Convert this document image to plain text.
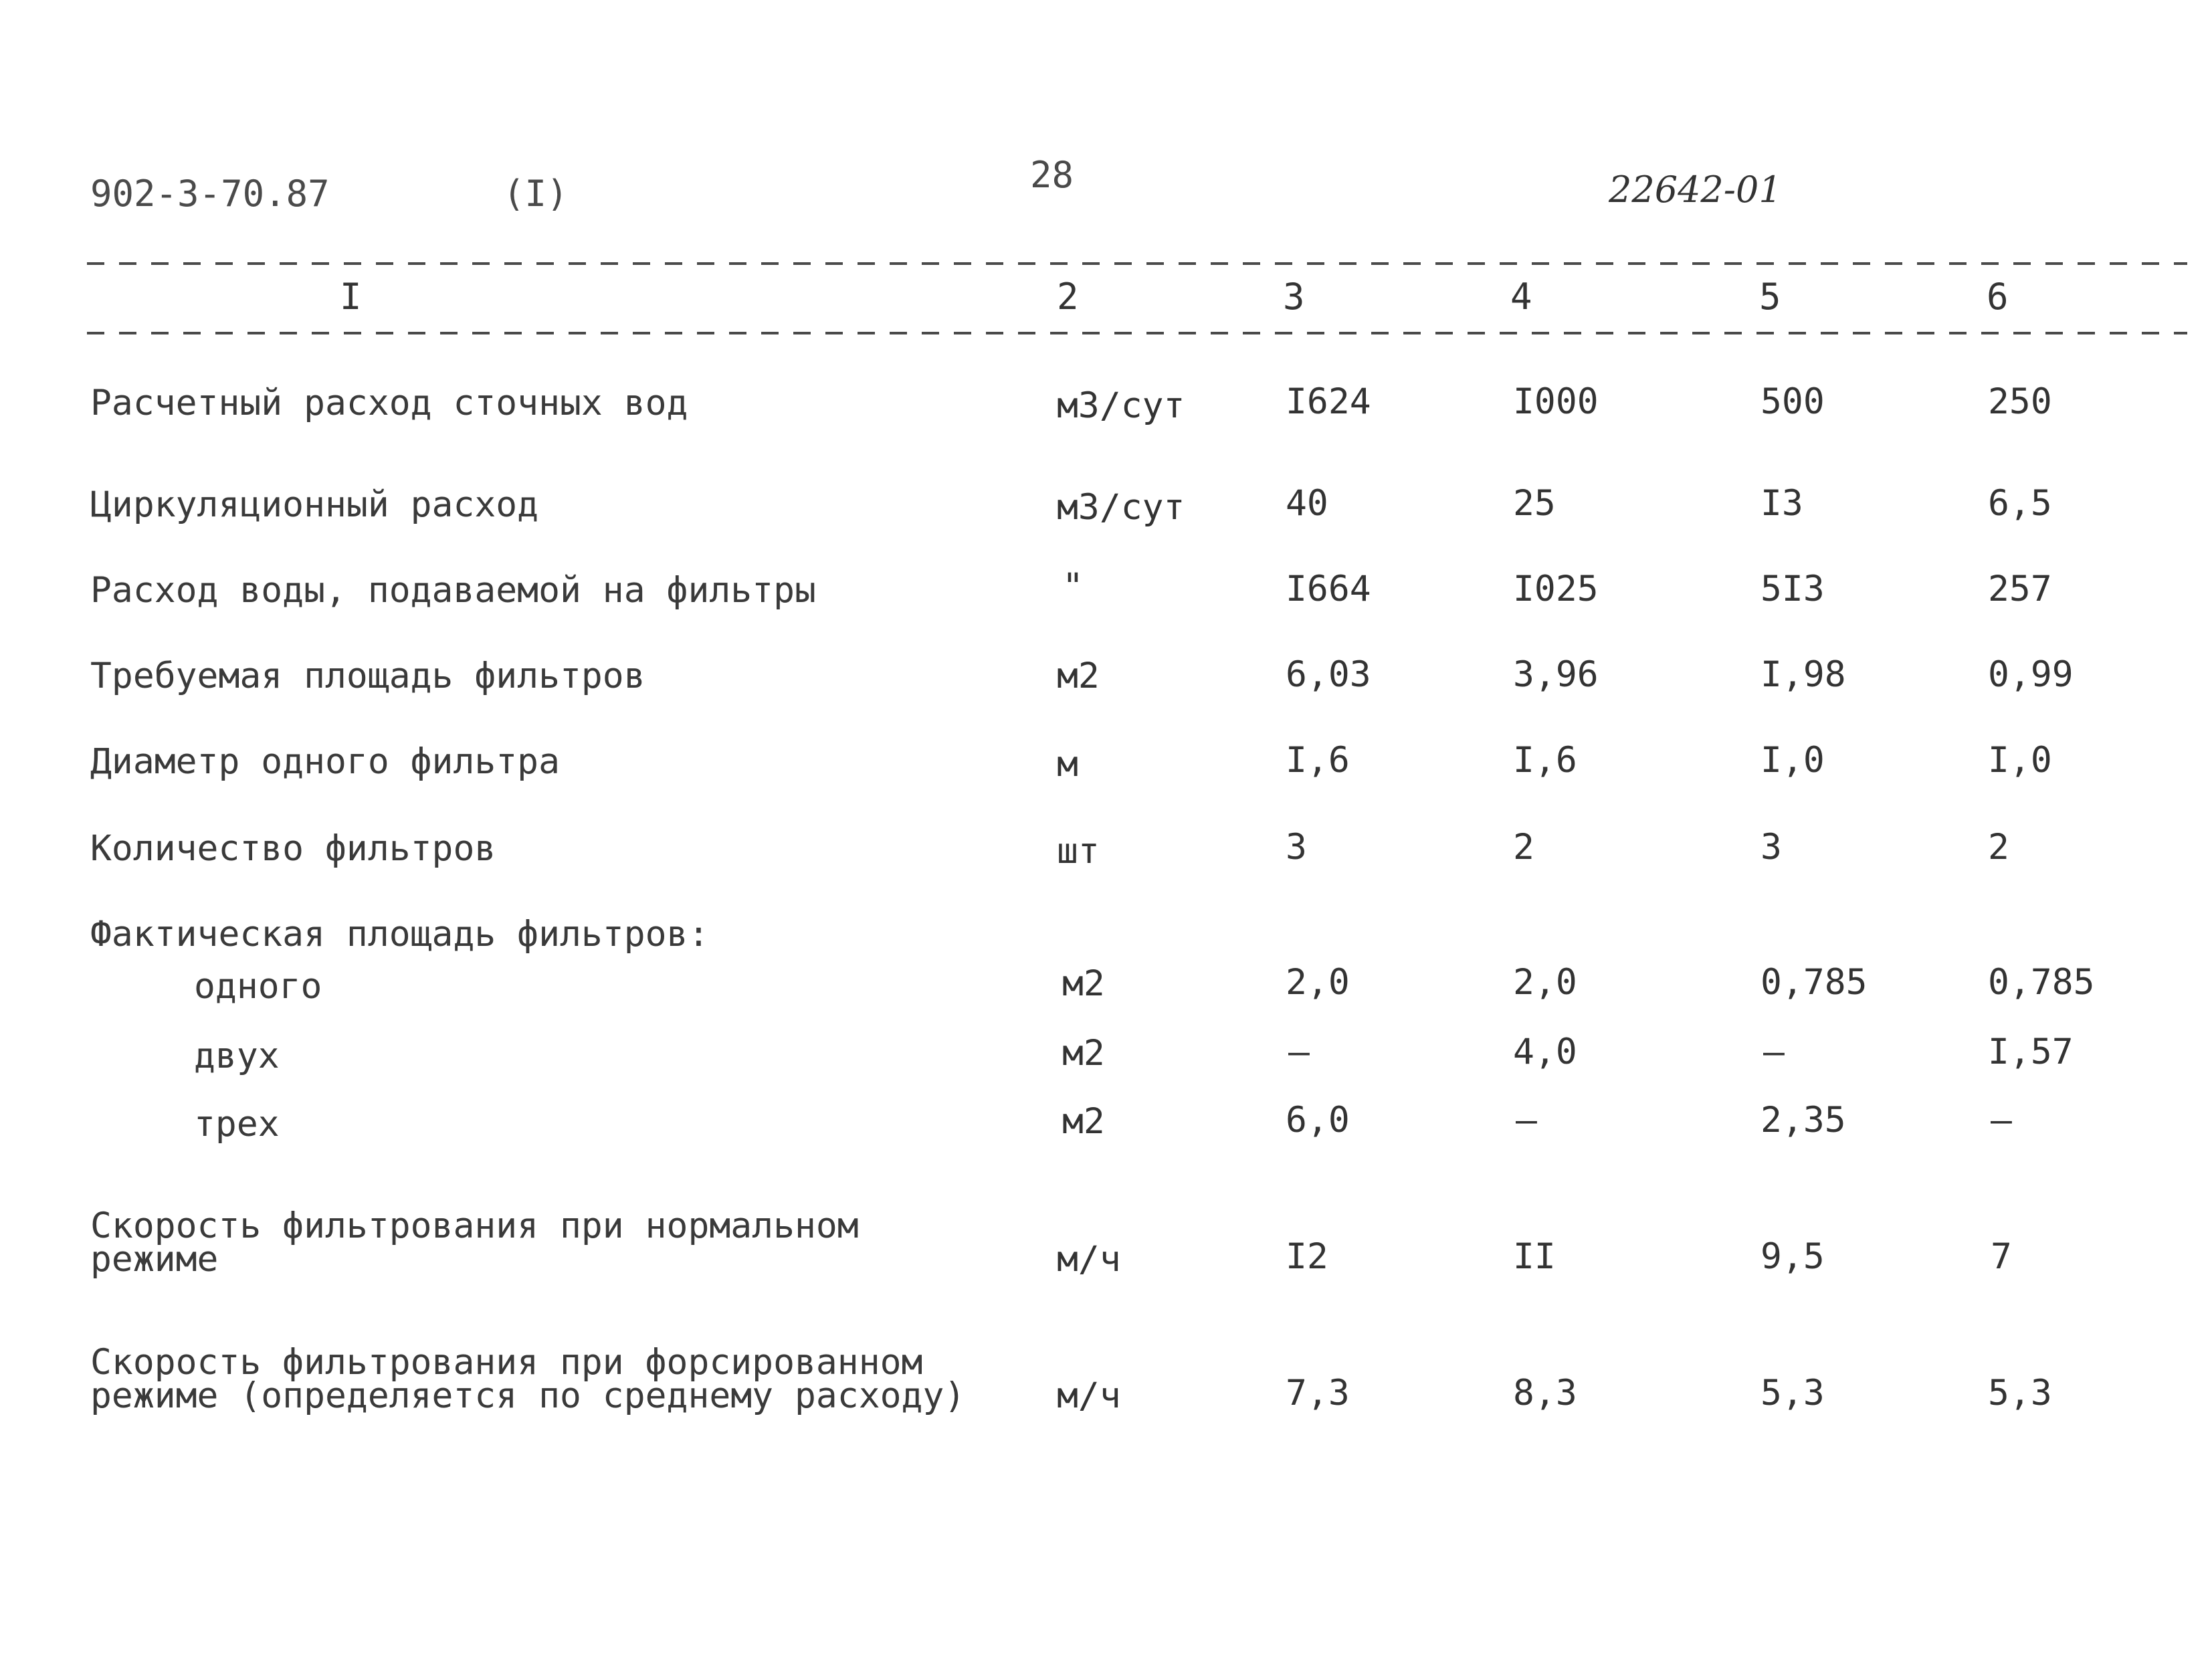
902-3-70.87	(I)	28	22642-01
I	2	3	4	5	6
Расчетный расход сточных вод	м3/сут	I624	I000	500	250
Циркуляционный расход	м3/сут	40	25	I3	6,5
Расход воды, подаваемой на фильтры	"	I664	I025	5I3	257
Требуемая площадь фильтров	м2	6,03	3,96	I,98	0,99
Диаметр одного фильтра	м	I,6	I,6	I,0	I,0
Количество фильтров	шт	3	2	3	2
Фактическая площадь фильтров:
одного	м2	2,0	2,0	0,785	0,785
двух	м2	–	4,0	–	I,57
трех	м2	6,0	–	2,35	–
Скорость фильтрования при нормальном
режиме	м/ч	I2	II	9,5	7
Скорость фильтрования при форсированном
режиме (определяется по среднему расходу)	м/ч	7,3	8,3	5,3	5,3
